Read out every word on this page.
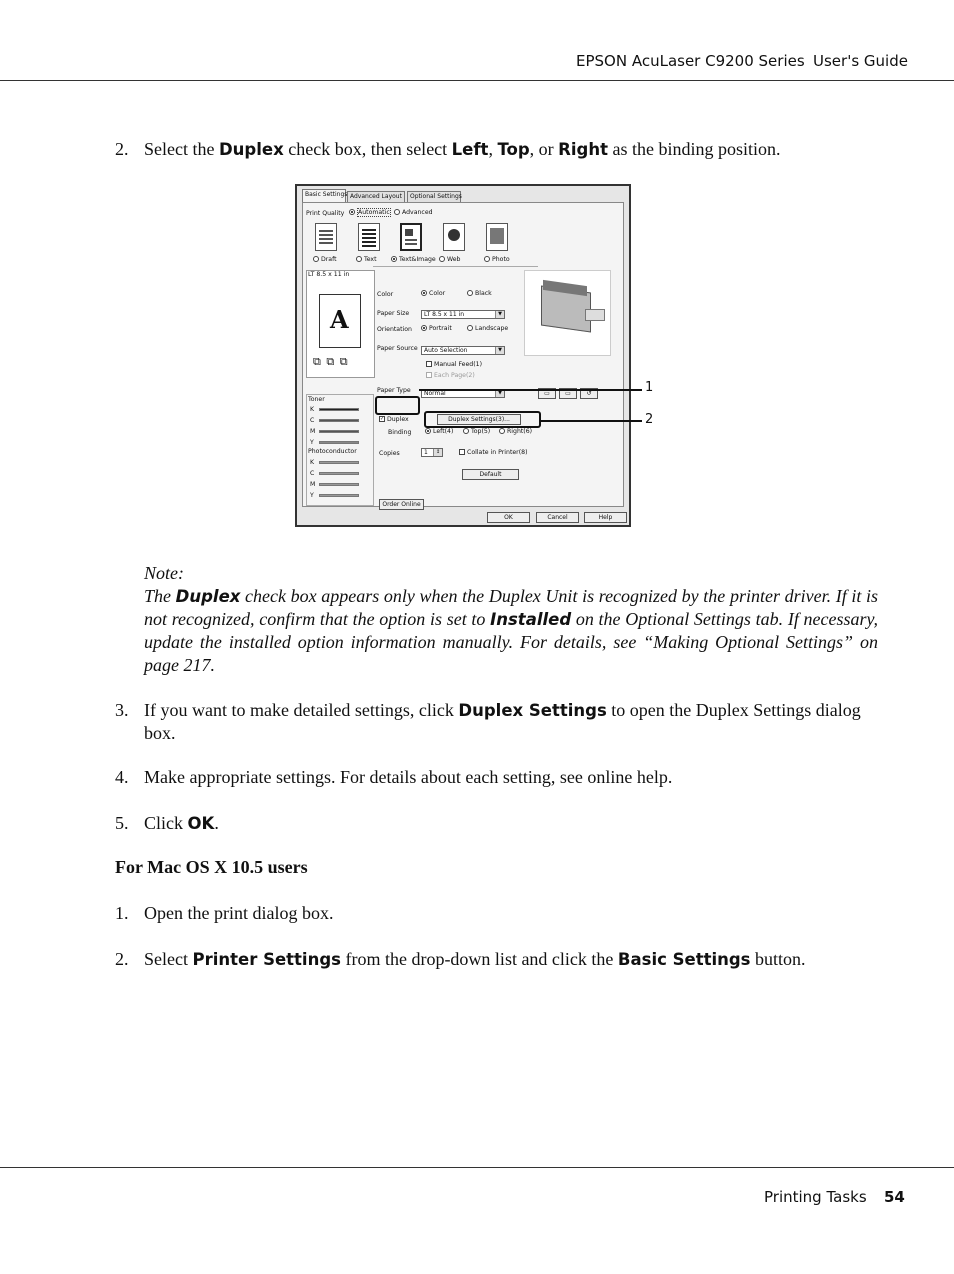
EPSON AcuLaser C9200 Series User's Guide
2. Select the Duplex check box, then select Left, Top, or Right as the binding position.
Basic Settings Advanced Layout	Optional Settings
Print Quality	Automatic	Advanced
Draft	Text	Text&Image	Web	Photo
LT 8.5 x 11 in
A
⧉ ⧉ ⧉
Color	Color	Black
Paper Size	LT 8.5 x 11 in	▼
Orientation	Portrait	Landscape
Paper Source	Auto Selection	▼
Manual Feed(1)
Each Page(2)
Paper Type	Normal	▼	▭	▭	↺
Toner
K
C
M
Y
Photoconductor
K
C
M
Y
✓ Duplex	Duplex Settings(3)...
Binding	Left(4)	Top(5)	Right(6)
Copies	1	↕	Collate in Printer(8)
Default
Order Online
OK	Cancel	Help
1
2
Note:
The Duplex check box appears only when the Duplex Unit is recognized by the printer driver. If it is not recognized, confirm that the option is set to Installed on the Optional Settings tab. If necessary, update the installed option information manually. For details, see “Making Optional Settings” on page 217.
3. If you want to make detailed settings, click Duplex Settings to open the Duplex Settings dialog box.
4. Make appropriate settings. For details about each setting, see online help.
5. Click OK.
For Mac OS X 10.5 users
1. Open the print dialog box.
2. Select Printer Settings from the drop-down list and click the Basic Settings button.
Printing Tasks 54
